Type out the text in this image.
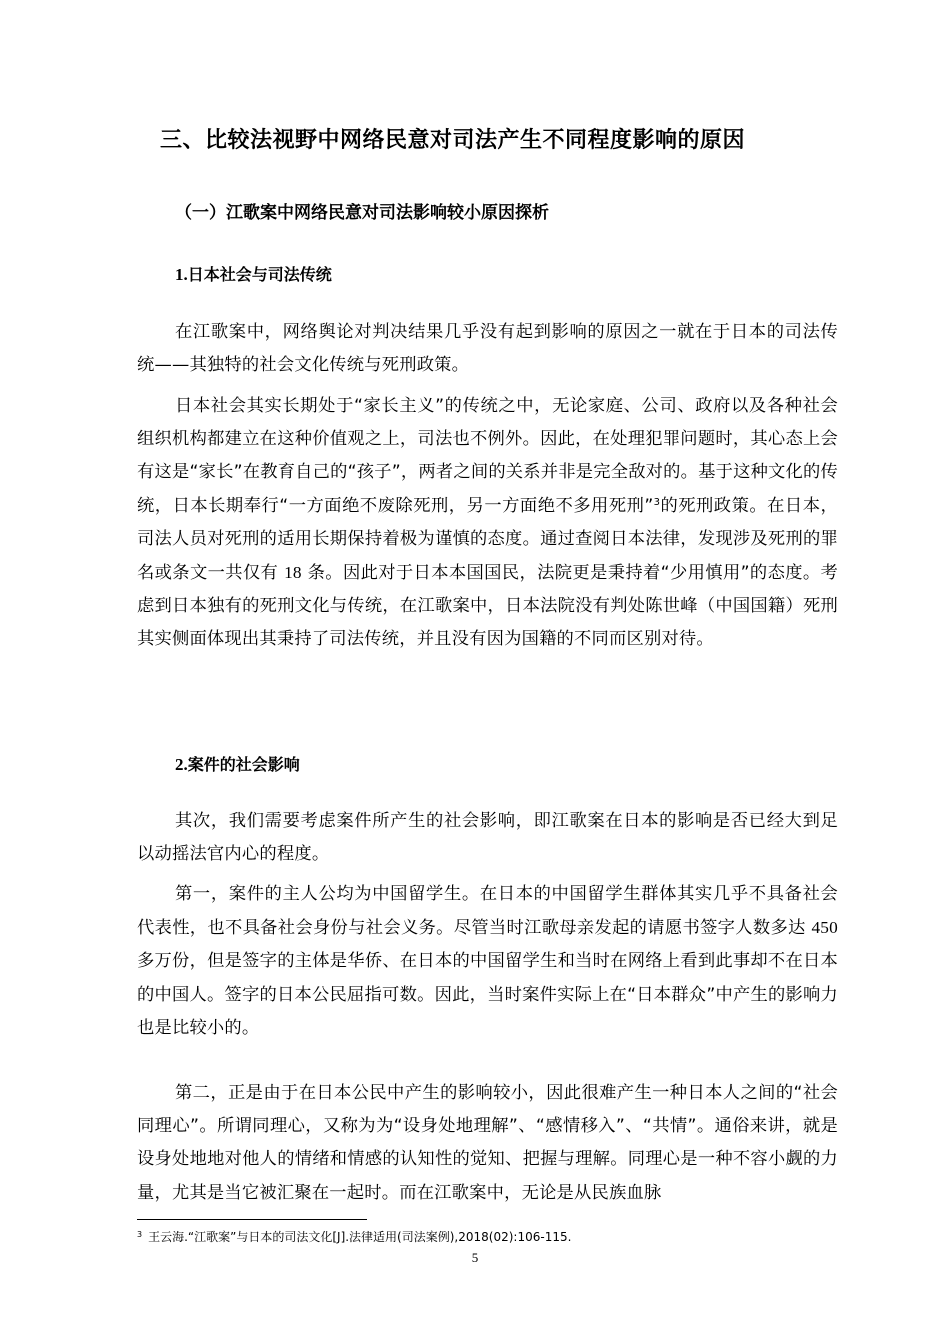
三、比较法视野中网络民意对司法产生不同程度影响的原因
（一）江歌案中网络民意对司法影响较小原因探析
1.日本社会与司法传统
在江歌案中，网络舆论对判决结果几乎没有起到影响的原因之一就在于日本的司法传统——其独特的社会文化传统与死刑政策。
日本社会其实长期处于“家长主义”的传统之中，无论家庭、公司、政府以及各种社会组织机构都建立在这种价值观之上，司法也不例外。因此，在处理犯罪问题时，其心态上会有这是“家长”在教育自己的“孩子”，两者之间的关系并非是完全敌对的。基于这种文化的传统，日本长期奉行“一方面绝不废除死刑，另一方面绝不多用死刑”$^3$的死刑政策。在日本，司法人员对死刑的适用长期保持着极为谨慎的态度。通过查阅日本法律，发现涉及死刑的罪名或条文一共仅有 18 条。因此对于日本本国国民，法院更是秉持着“少用慎用”的态度。考虑到日本独有的死刑文化与传统，在江歌案中，日本法院没有判处陈世峰（中国国籍）死刑其实侧面体现出其秉持了司法传统，并且没有因为国籍的不同而区别对待。
2.案件的社会影响
其次，我们需要考虑案件所产生的社会影响，即江歌案在日本的影响是否已经大到足以动摇法官内心的程度。
第一，案件的主人公均为中国留学生。在日本的中国留学生群体其实几乎不具备社会代表性，也不具备社会身份与社会义务。尽管当时江歌母亲发起的请愿书签字人数多达 450 多万份，但是签字的主体是华侨、在日本的中国留学生和当时在网络上看到此事却不在日本的中国人。签字的日本公民屈指可数。因此，当时案件实际上在“日本群众”中产生的影响力也是比较小的。
第二，正是由于在日本公民中产生的影响较小，因此很难产生一种日本人之间的“社会同理心”。所谓同理心，又称为为“设身处地理解”、“感情移入”、“共情”。通俗来讲，就是设身处地地对他人的情绪和情感的认知性的觉知、把握与理解。同理心是一种不容小觑的力量，尤其是当它被汇聚在一起时。而在江歌案中，无论是从民族血脉
$^3$ 王云海.“江歌案”与日本的司法文化[J].法律适用(司法案例),2018(02):106-115.
5
